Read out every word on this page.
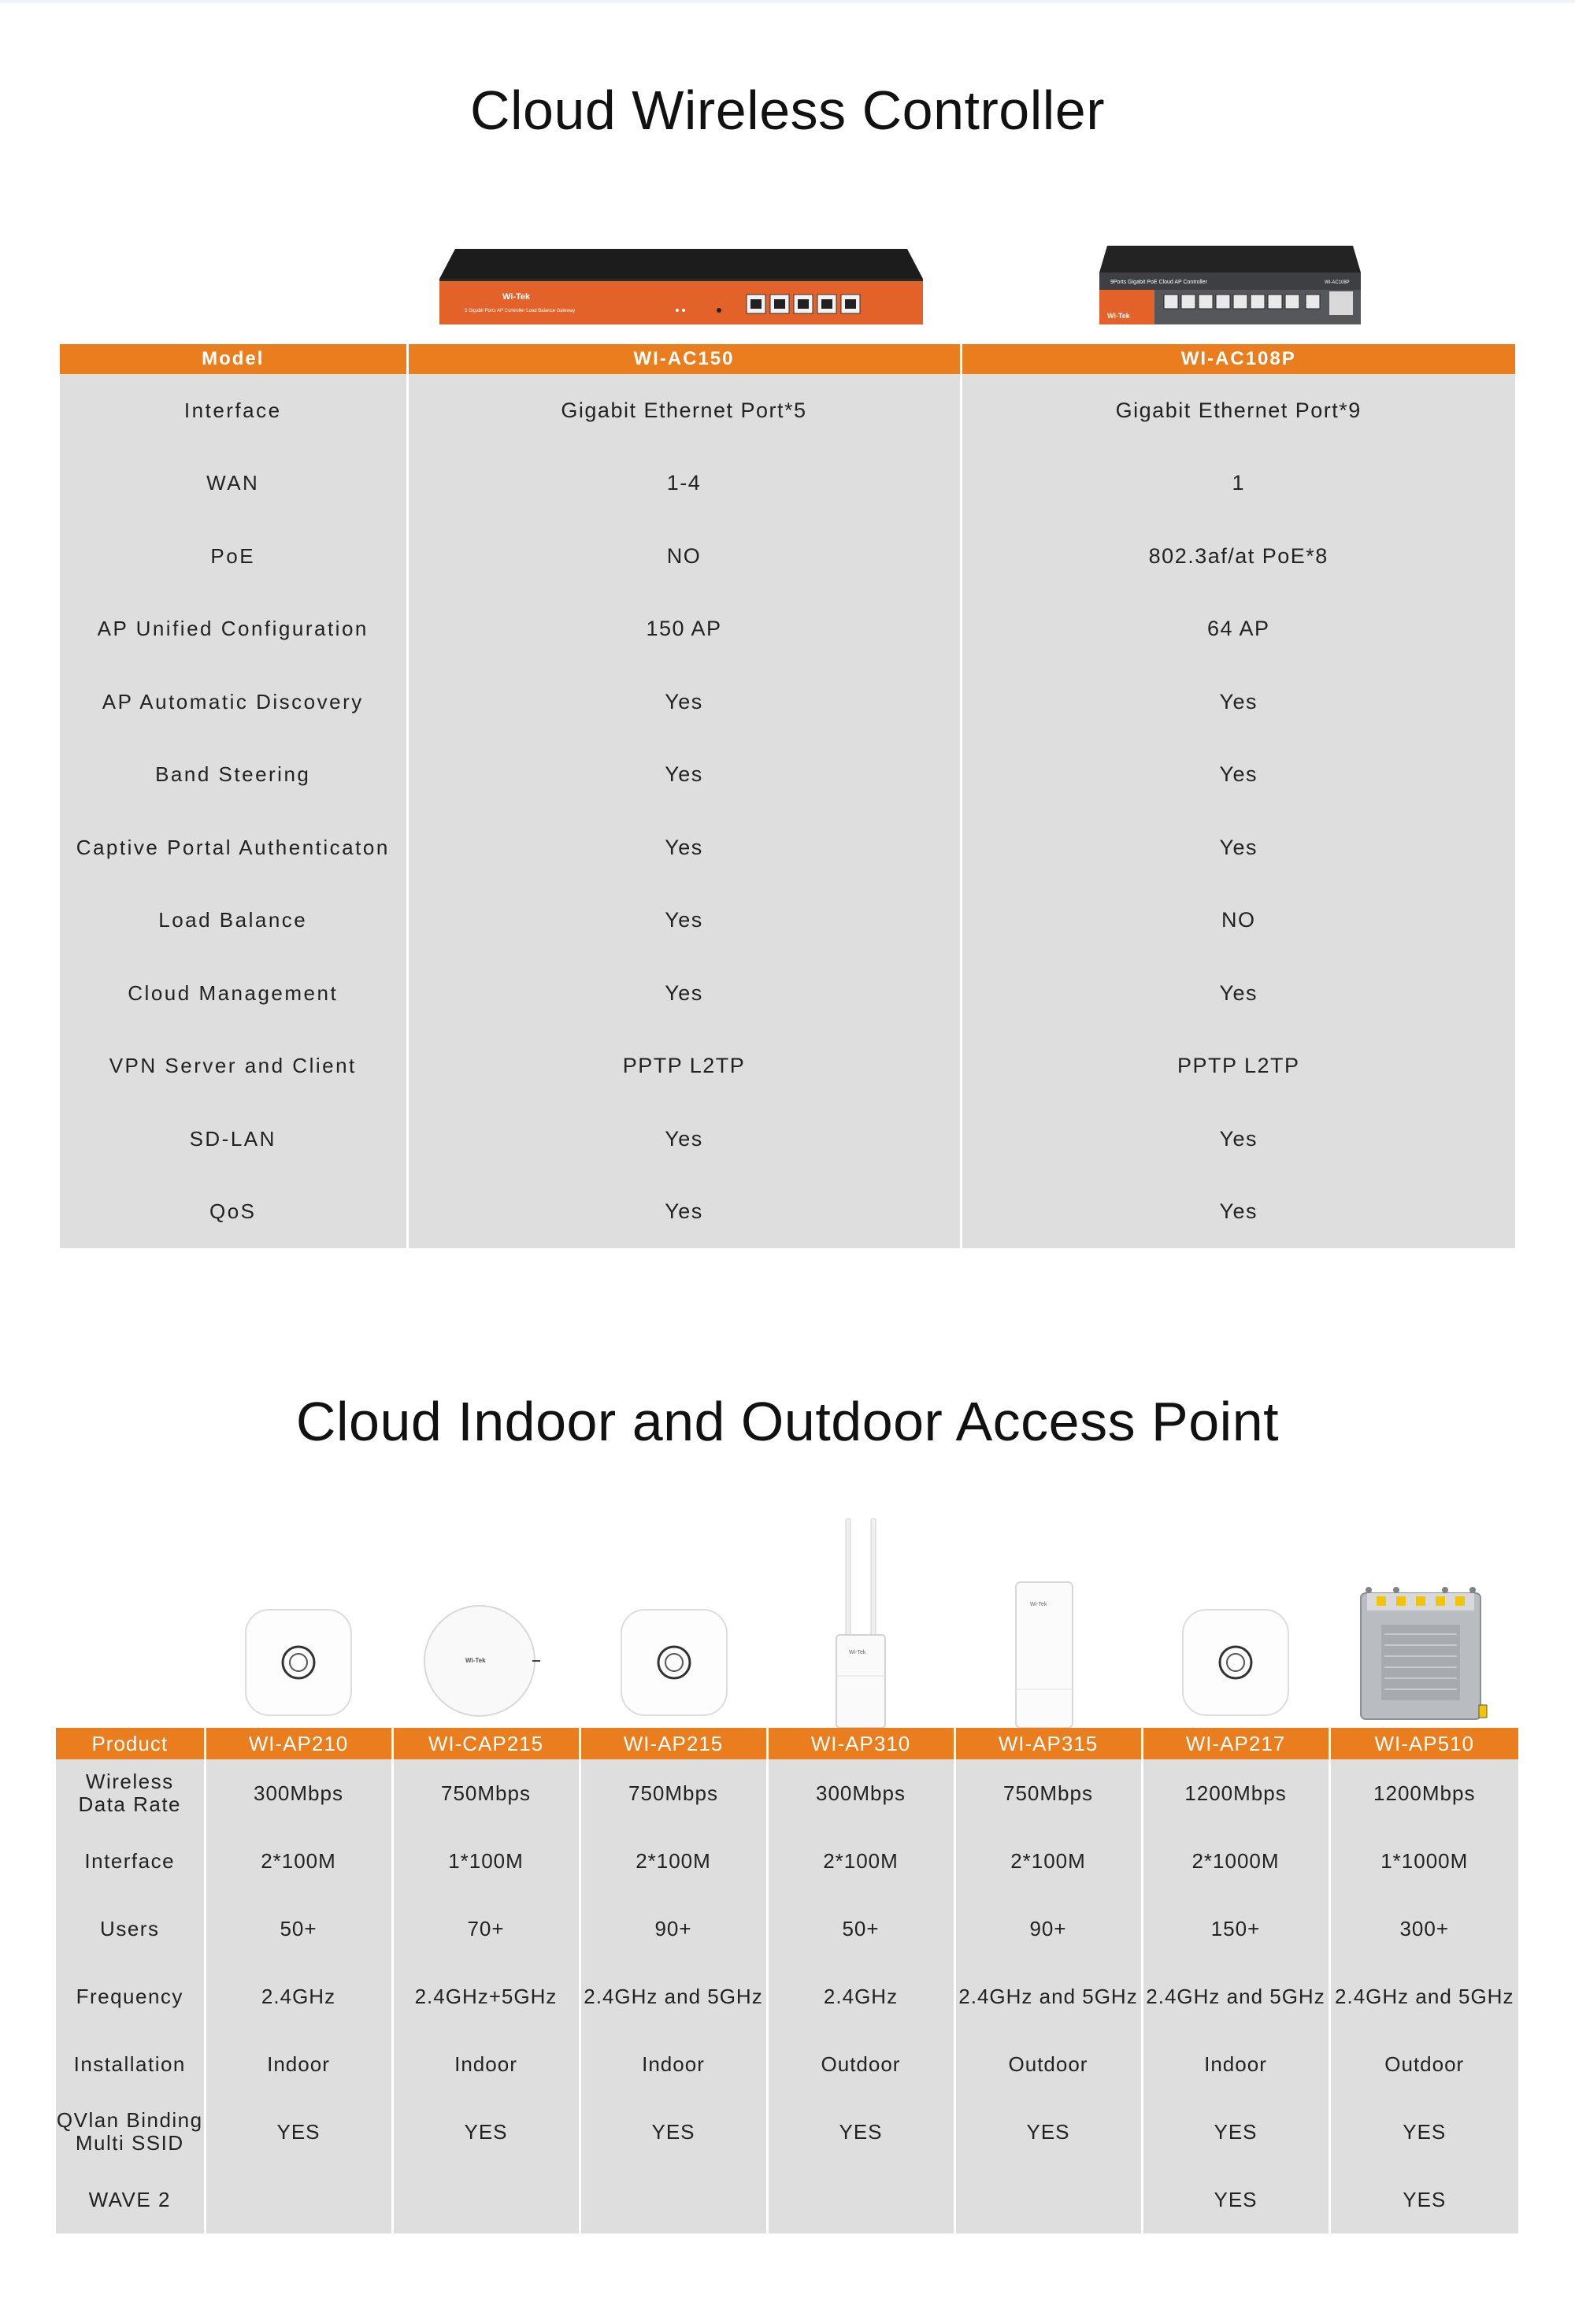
Cloud Wireless Controller
Wi-Tek
5 Gigabit Ports AP Controller Load Balance Gateway
9Ports Gigabit PoE Cloud AP Controller	WI-AC108P
Wi-Tek
Model	WI-AC150	WI-AC108P
Interface	Gigabit Ethernet Port*5	Gigabit Ethernet Port*9
WAN	1-4	1
PoE	NO	802.3af/at PoE*8
AP Unified Configuration	150 AP	64 AP
AP Automatic Discovery	Yes	Yes
Band Steering	Yes	Yes
Captive Portal Authenticaton	Yes	Yes
Load Balance	Yes	NO
Cloud Management	Yes	Yes
VPN Server and Client	PPTP L2TP	PPTP L2TP
SD-LAN	Yes	Yes
QoS	Yes	Yes
Cloud Indoor and Outdoor Access Point
Wi-Tek
Wi-Tek
Wi-Tek
Product	WI-AP210	WI-CAP215	WI-AP215	WI-AP310	WI-AP315	WI-AP217	WI-AP510
Wireless
Data Rate	300Mbps	750Mbps	750Mbps	300Mbps	750Mbps	1200Mbps	1200Mbps
Interface	2*100M	1*100M	2*100M	2*100M	2*100M	2*1000M	1*1000M
Users	50+	70+	90+	50+	90+	150+	300+
Frequency	2.4GHz	2.4GHz+5GHz	2.4GHz and 5GHz	2.4GHz	2.4GHz and 5GHz	2.4GHz and 5GHz	2.4GHz and 5GHz
Installation	Indoor	Indoor	Indoor	Outdoor	Outdoor	Indoor	Outdoor
QVlan Binding
Multi SSID	YES	YES	YES	YES	YES	YES	YES
WAVE 2						YES	YES
